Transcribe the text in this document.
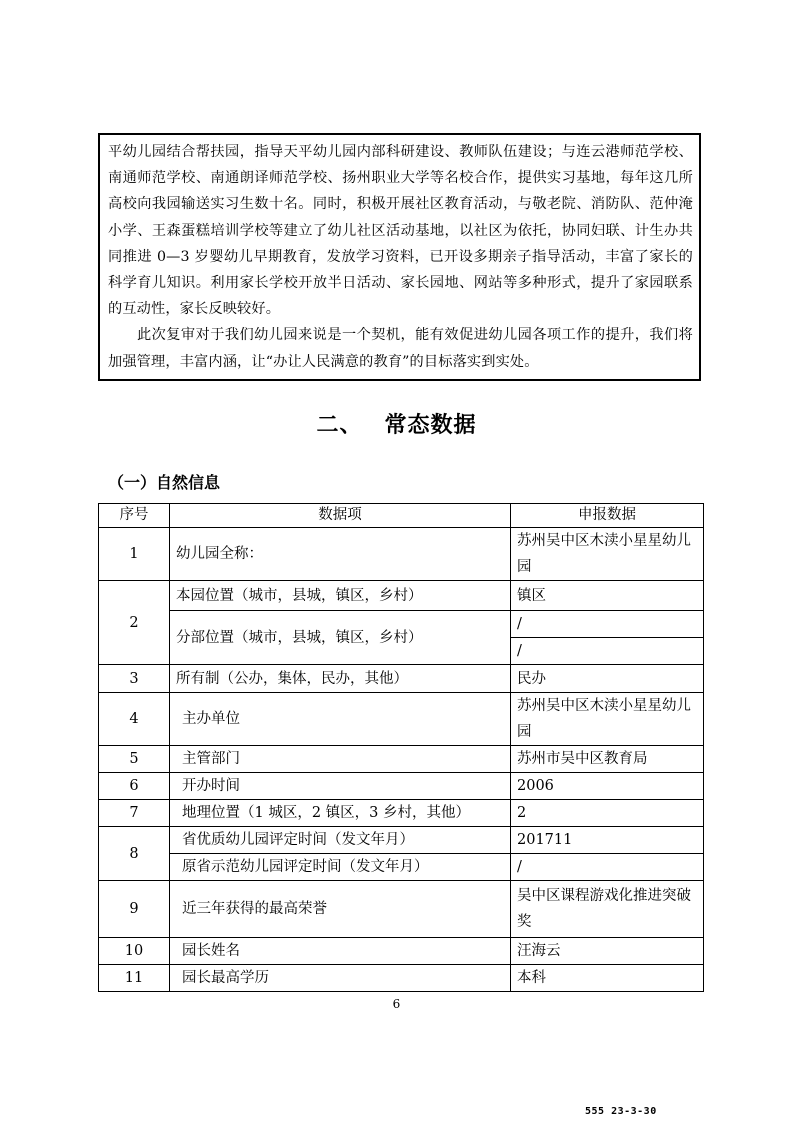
平幼儿园结合帮扶园，指导天平幼儿园内部科研建设、教师队伍建设；与连云港师范学校、南通师范学校、南通朗译师范学校、扬州职业大学等名校合作，提供实习基地，每年这几所高校向我园输送实习生数十名。同时，积极开展社区教育活动，与敬老院、消防队、范仲淹小学、王森蛋糕培训学校等建立了幼儿社区活动基地，以社区为依托，协同妇联、计生办共同推进 0—3 岁婴幼儿早期教育，发放学习资料，已开设多期亲子指导活动，丰富了家长的科学育儿知识。利用家长学校开放半日活动、家长园地、网站等多种形式，提升了家园联系的互动性，家长反映较好。

此次复审对于我们幼儿园来说是一个契机，能有效促进幼儿园各项工作的提升，我们将加强管理，丰富内涵，让“办让人民满意的教育”的目标落实到实处。

二、 常态数据
（一）自然信息
序号	数据项	申报数据
1	幼儿园全称：	苏州吴中区木渎小星星幼儿园
2	本园位置（城市，县城，镇区，乡村）	镇区
	分部位置（城市，县城，镇区，乡村）	/
		/
3	所有制（公办，集体，民办，其他）	民办
4	主办单位	苏州吴中区木渎小星星幼儿园
5	主管部门	苏州市吴中区教育局
6	开办时间	2006
7	地理位置（1 城区，2 镇区，3 乡村，其他）	2
8	省优质幼儿园评定时间（发文年月）	201711
	原省示范幼儿园评定时间（发文年月）	/
9	近三年获得的最高荣誉	吴中区课程游戏化推进突破奖
10	园长姓名	汪海云
11	园长最高学历	本科
6
555 23-3-30
